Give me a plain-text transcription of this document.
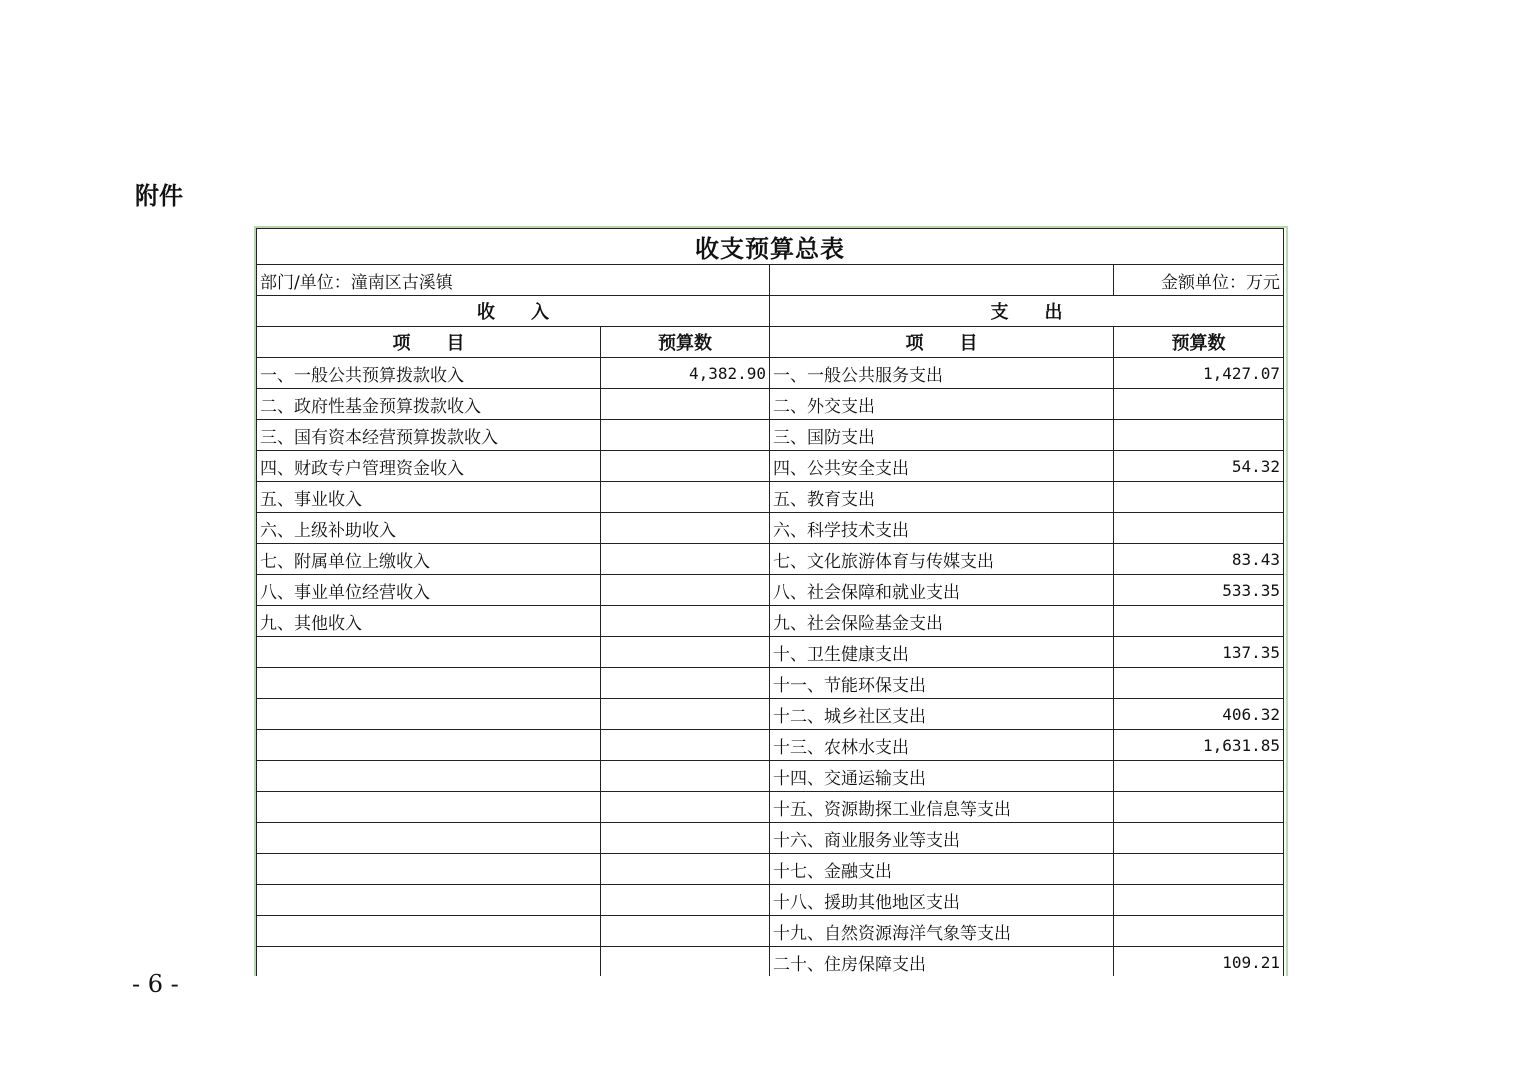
附件
收支预算总表			
部门/单位：潼南区古溪镇			金额单位：万元
收　　入		支　　出	
项　　目	预算数	项　　目	预算数
一、一般公共预算拨款收入	4,382.90	一、一般公共服务支出	1,427.07
二、政府性基金预算拨款收入		二、外交支出	
三、国有资本经营预算拨款收入		三、国防支出	
四、财政专户管理资金收入		四、公共安全支出	54.32
五、事业收入		五、教育支出	
六、上级补助收入		六、科学技术支出	
七、附属单位上缴收入		七、文化旅游体育与传媒支出	83.43
八、事业单位经营收入		八、社会保障和就业支出	533.35
九、其他收入		九、社会保险基金支出	
		十、卫生健康支出	137.35
		十一、节能环保支出	
		十二、城乡社区支出	406.32
		十三、农林水支出	1,631.85
		十四、交通运输支出	
		十五、资源勘探工业信息等支出	
		十六、商业服务业等支出	
		十七、金融支出	
		十八、援助其他地区支出	
		十九、自然资源海洋气象等支出	
		二十、住房保障支出	109.21

- 6 -
